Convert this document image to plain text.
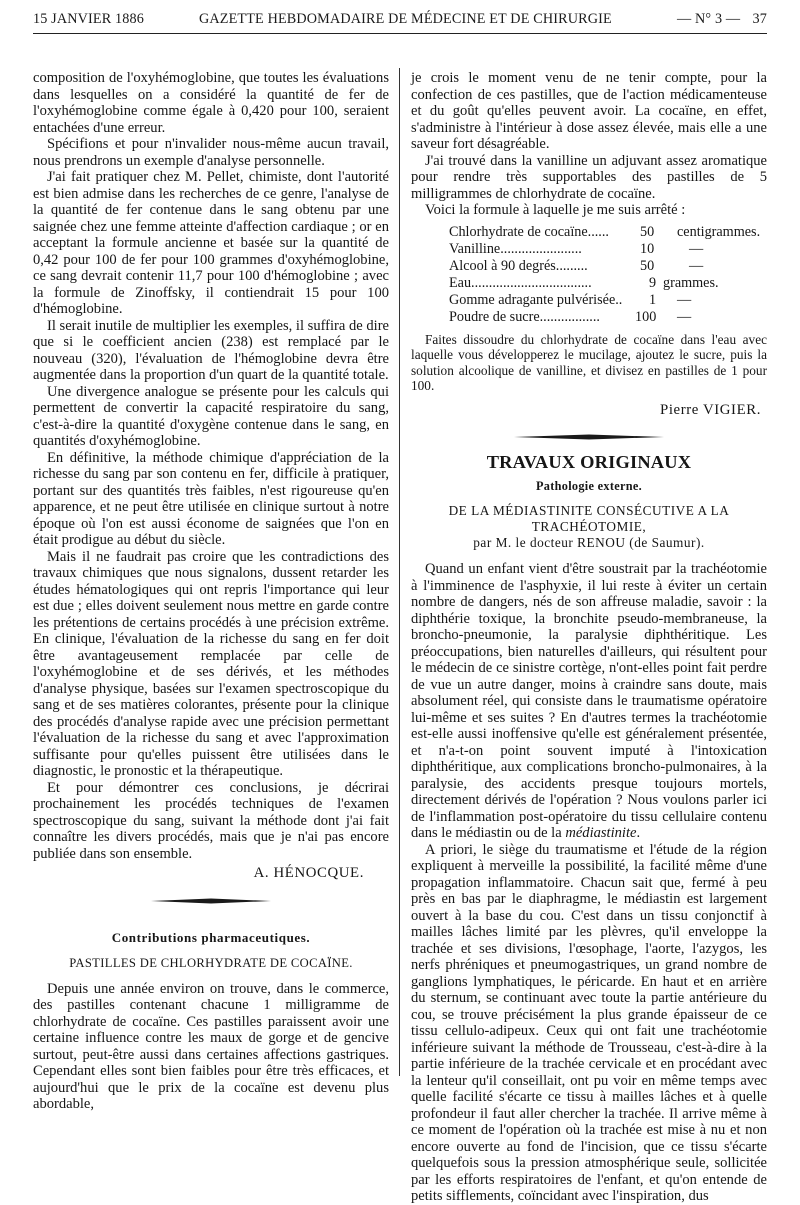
15 JANVIER 1886	GAZETTE HEBDOMADAIRE DE MÉDECINE ET DE CHIRURGIE	— N° 3 — 37

composition de l'oxyhémoglobine, que toutes les évaluations dans lesquelles on a considéré la quantité de fer de l'oxyhémoglobine comme égale à 0,420 pour 100, seraient entachées d'une erreur.

Spécifions et pour n'invalider nous-même aucun travail, nous prendrons un exemple d'analyse personnelle.

J'ai fait pratiquer chez M. Pellet, chimiste, dont l'autorité est bien admise dans les recherches de ce genre, l'analyse de la quantité de fer contenue dans le sang obtenu par une saignée chez une femme atteinte d'affection cardiaque ; or en acceptant la formule ancienne et basée sur la quantité de 0,42 pour 100 de fer pour 100 grammes d'oxyhémoglobine, ce sang devrait contenir 11,7 pour 100 d'hémoglobine ; avec la formule de Zinoffsky, il contiendrait 15 pour 100 d'hémoglobine.

Il serait inutile de multiplier les exemples, il suffira de dire que si le coefficient ancien (238) est remplacé par le nouveau (320), l'évaluation de l'hémoglobine devra être augmentée dans la proportion d'un quart de la quantité totale.

Une divergence analogue se présente pour les calculs qui permettent de convertir la capacité respiratoire du sang, c'est-à-dire la quantité d'oxygène contenue dans le sang, en quantités d'oxyhémoglobine.

En définitive, la méthode chimique d'appréciation de la richesse du sang par son contenu en fer, difficile à pratiquer, portant sur des quantités très faibles, n'est rigoureuse qu'en apparence, et ne peut être utilisée en clinique surtout à notre époque où l'on est aussi économe de saignées que l'on en était prodigue au début du siècle.

Mais il ne faudrait pas croire que les contradictions des travaux chimiques que nous signalons, dussent retarder les études hématologiques qui ont repris l'importance qui leur est due ; elles doivent seulement nous mettre en garde contre les prétentions de certains procédés à une précision extrême. En clinique, l'évaluation de la richesse du sang en fer doit être avantageusement remplacée par celle de l'oxyhémoglobine et de ses dérivés, et les méthodes d'analyse physique, basées sur l'examen spectroscopique du sang et de ses matières colorantes, présente pour la clinique des procédés d'analyse rapide avec une précision permettant l'évaluation de la richesse du sang et avec l'approximation suffisante pour qu'elles puissent être utilisées dans le diagnostic, le pronostic et la thérapeutique.

Et pour démontrer ces conclusions, je décrirai prochainement les procédés techniques de l'examen spectroscopique du sang, suivant la méthode dont j'ai fait connaître les divers procédés, mais que je n'ai pas encore publiée dans son ensemble.

A. HÉNOCQUE.

Contributions pharmaceutiques.

PASTILLES DE CHLORHYDRATE DE COCAÏNE.

Depuis une année environ on trouve, dans le commerce, des pastilles contenant chacune 1 milligramme de chlorhydrate de cocaïne. Ces pastilles paraissent avoir une certaine influence contre les maux de gorge et de gencive surtout, peut-être aussi dans certaines affections gastriques. Cependant elles sont bien faibles pour être très efficaces, et aujourd'hui que le prix de la cocaïne est devenu plus abordable,

je crois le moment venu de ne tenir compte, pour la confection de ces pastilles, que de l'action médicamenteuse et du goût qu'elles peuvent avoir. La cocaïne, en effet, s'administre à l'intérieur à dose assez élevée, mais elle a une saveur fort désagréable.

J'ai trouvé dans la vanilline un adjuvant assez aromatique pour rendre très supportables des pastilles de 5 milligrammes de chlorhydrate de cocaïne.

Voici la formule à laquelle je me suis arrêté :

Chlorhydrate de cocaïne...... 50 centigrammes.
Vanilline.......................	10 —
Alcool à 90 degrés.........	50 —
Eau..................................	9 grammes.
Gomme adragante pulvérisée.. 1 —
Poudre de sucre................. 100 —

Faites dissoudre du chlorhydrate de cocaïne dans l'eau avec laquelle vous développerez le mucilage, ajoutez le sucre, puis la solution alcoolique de vanilline, et divisez en pastilles de 1 pour 100.

Pierre VIGIER.

TRAVAUX ORIGINAUX

Pathologie externe.

DE LA MÉDIASTINITE CONSÉCUTIVE A LA TRACHÉOTOMIE,

par M. le docteur RENOU (de Saumur).

Quand un enfant vient d'être soustrait par la trachéotomie à l'imminence de l'asphyxie, il lui reste à éviter un certain nombre de dangers, nés de son affreuse maladie, savoir : la diphthérie toxique, la bronchite pseudo-membraneuse, la broncho-pneumonie, la paralysie diphthéritique. Les préoccupations, bien naturelles d'ailleurs, qui résultent pour le médecin de ce sinistre cortège, n'ont-elles point fait perdre de vue un autre danger, moins à craindre sans doute, mais absolument réel, qui consiste dans le traumatisme opératoire lui-même et ses suites ? En d'autres termes la trachéotomie est-elle aussi inoffensive qu'elle est généralement présentée, et n'a-t-on point souvent imputé à l'intoxication diphthéritique, aux complications broncho-pulmonaires, à la paralysie, des accidents presque toujours mortels, directement dérivés de l'opération ? Nous voulons parler ici de l'inflammation post-opératoire du tissu cellulaire contenu dans le médiastin ou de la médiastinite.

A priori, le siège du traumatisme et l'étude de la région expliquent à merveille la possibilité, la facilité même d'une propagation inflammatoire. Chacun sait que, fermé à peu près en bas par le diaphragme, le médiastin est largement ouvert à la base du cou. C'est dans un tissu conjonctif à mailles lâches limité par les plèvres, qu'il enveloppe la trachée et ses divisions, l'œsophage, l'aorte, l'azygos, les nerfs phréniques et pneumogastriques, un grand nombre de ganglions lymphatiques, le péricarde. En haut et en arrière du sternum, se continuant avec toute la partie antérieure du cou, se trouve précisément la plus grande épaisseur de ce tissu cellulo-adipeux. Ceux qui ont fait une trachéotomie inférieure suivant la méthode de Trousseau, c'est-à-dire à la partie inférieure de la trachée cervicale et en procédant avec la lenteur qu'il conseillait, ont pu voir en même temps avec quelle facilité s'écarte ce tissu à mailles lâches et à quelle profondeur il faut aller chercher la trachée. Il arrive même à ce moment de l'opération où la trachée est mise à nu et non encore ouverte au fond de l'incision, que ce tissu s'écarte quelquefois sous la pression atmosphérique seule, sollicitée par les efforts respiratoires de l'enfant, et qu'on entende de petits sifflements, coïncidant avec l'inspiration, dus
